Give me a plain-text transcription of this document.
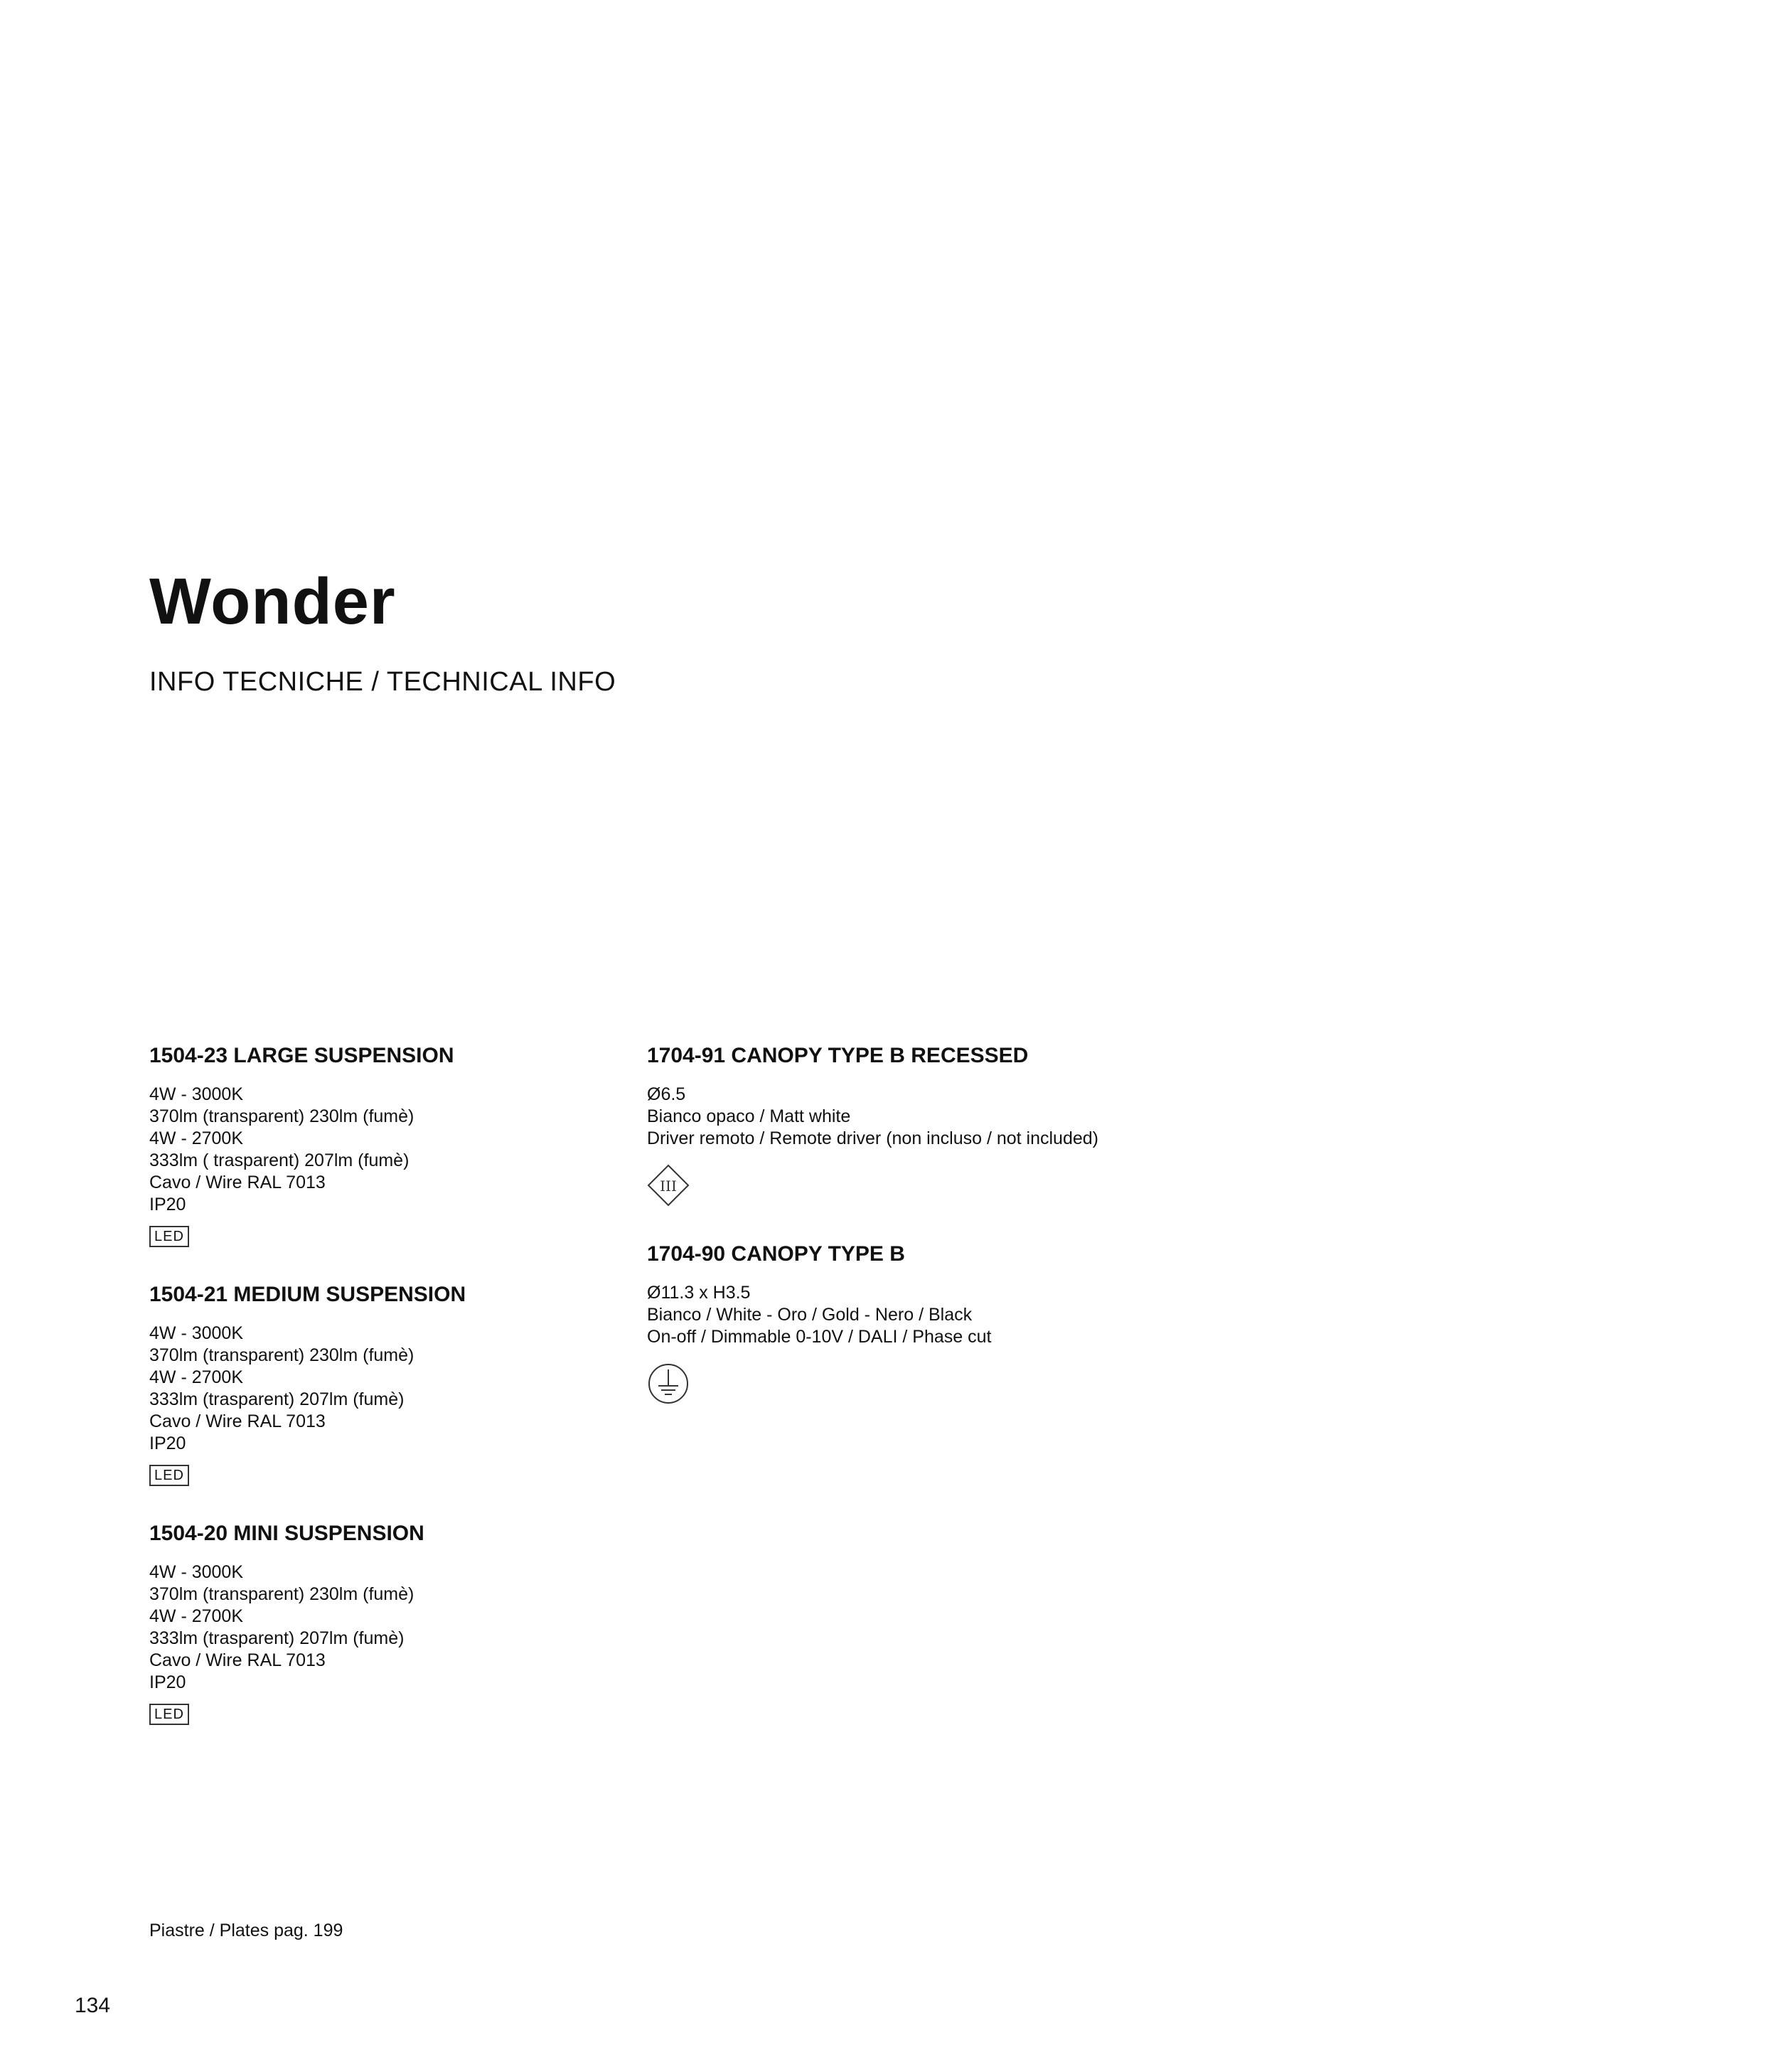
Wonder
INFO TECNICHE / TECHNICAL INFO
1504-23 LARGE SUSPENSION

4W - 3000K

370lm (transparent) 230lm (fumè)

4W - 2700K

333lm ( trasparent) 207lm (fumè)

Cavo / Wire RAL 7013

IP20

LED
1504-21 MEDIUM SUSPENSION

4W - 3000K

370lm (transparent) 230lm (fumè)

4W - 2700K

333lm (trasparent) 207lm (fumè)

Cavo / Wire RAL 7013

IP20

LED
1504-20 MINI SUSPENSION

4W - 3000K

370lm (transparent) 230lm (fumè)

4W - 2700K

333lm (trasparent) 207lm (fumè)

Cavo / Wire RAL 7013

IP20

LED
1704-91 CANOPY TYPE B RECESSED

Ø6.5

Bianco opaco / Matt white

Driver remoto / Remote driver (non incluso / not included)

III
1704-90 CANOPY TYPE B

Ø11.3 x H3.5

Bianco / White - Oro / Gold - Nero / Black

On-off / Dimmable 0-10V / DALI / Phase cut

Piastre / Plates pag. 199

134
